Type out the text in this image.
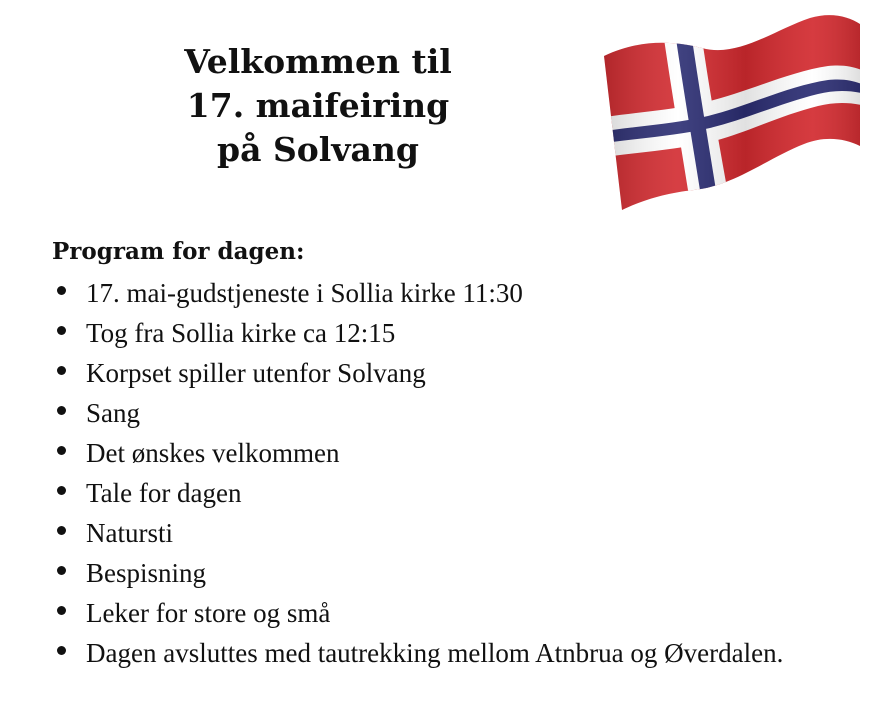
Velkommen til
17. maifeiring
på Solvang
Program for dagen:
17. mai-gudstjeneste i Sollia kirke 11:30
Tog fra Sollia kirke ca 12:15
Korpset spiller utenfor Solvang
Sang
Det ønskes velkommen
Tale for dagen
Natursti
Bespisning
Leker for store og små
Dagen avsluttes med tautrekking mellom Atnbrua og Øverdalen.
